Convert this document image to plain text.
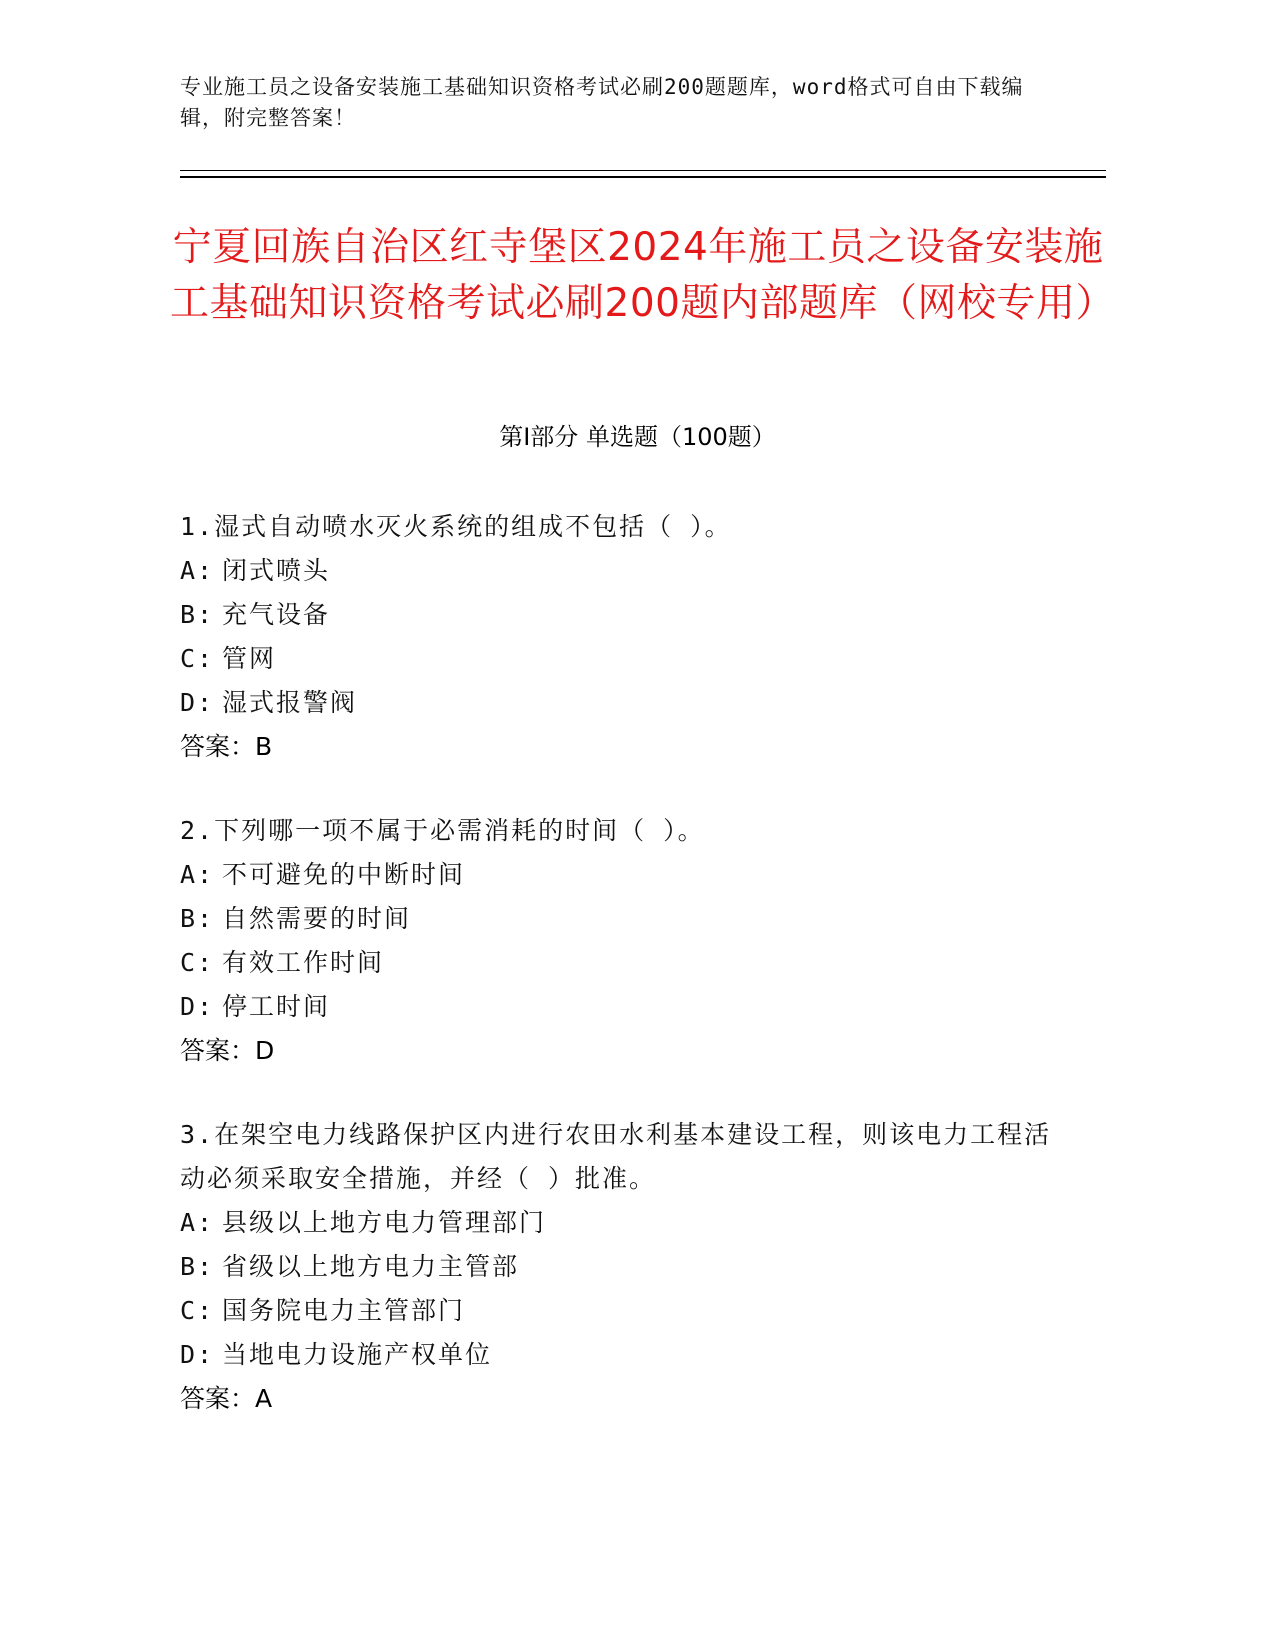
专业施工员之设备安装施工基础知识资格考试必刷200题题库，word格式可自由下载编辑，附完整答案！
宁夏回族自治区红寺堡区2024年施工员之设备安装施工基础知识资格考试必刷200题内部题库（网校专用）
第Ⅰ部分 单选题（100题）

1.湿式自动喷水灭火系统的组成不包括（ ）。

A: 闭式喷头

B: 充气设备

C: 管网

D: 湿式报警阀

答案：B

2.下列哪一项不属于必需消耗的时间（ ）。

A: 不可避免的中断时间

B: 自然需要的时间

C: 有效工作时间

D: 停工时间

答案：D

3.在架空电力线路保护区内进行农田水利基本建设工程，则该电力工程活动必须采取安全措施，并经（ ）批准。

A: 县级以上地方电力管理部门

B: 省级以上地方电力主管部

C: 国务院电力主管部门

D: 当地电力设施产权单位

答案：A
